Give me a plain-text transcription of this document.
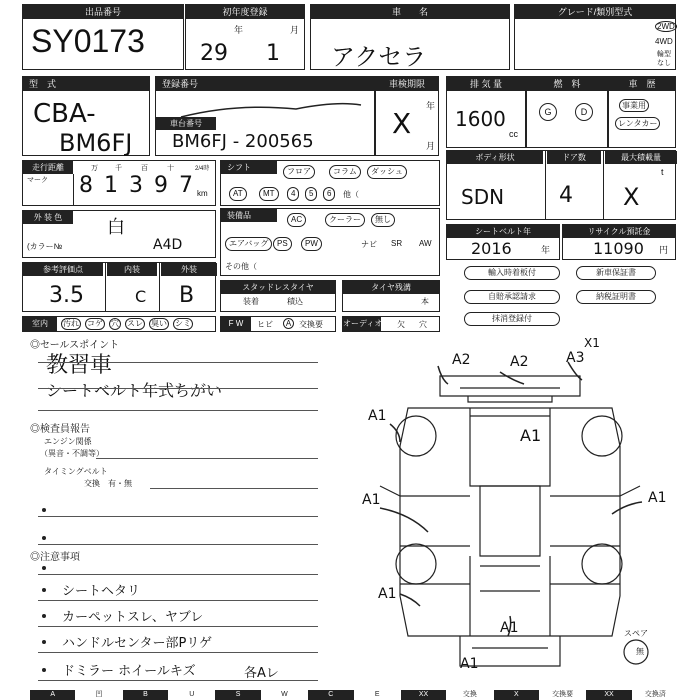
出品番号
SY0173
初年度登録
年	月
29 1
車　　名
アクセラ
グレード/類別型式
2WD
4WD
輪型
なし
型　式
CBA-
BM6FJ
登録番号
車台番号
BM6FJ - 200565
車検期限
年
月
X
排 気 量
1600
cc
燃　料
G	D
車　歴
事業用
レンタカー
走行距離
マーク
万 千	百	十	2/4時
km
8 1 3 9 7
シフト	フロア	コラム	ダッシュ
AT	MT	4	5	6	他（
ボディ形状	ドア数	最大積載量
SDN 4
t
X
外 装 色	白
(カラー№	A4D
装備品	AC	クーラー	無し
エアバッグ	PS	PW	ナビ SR AW
その他（
シートベルト年
2016	年
リサイクル預託金
11090 円
参考評価点	内装	外装
3.5	C B	スタッドレスタイヤ
装着	積込
タイヤ残溝
本
輸入時着板付	新車保証書
自賠承認請求	納税証明書
抹消登録付
室内	汚れ コゲ 穴 スレ 臭い シミ	F W	ヒビ	A 交換要	オーディオ 欠 穴
◎セールスポイント
教習車
シートベルト年式ちがい
◎検査員報告
エンジン関係
（異音・不調等）
タイミングベルト
交換　有・無
◎注意事項
シートヘタリ
カーペットスレ、ヤブレ
ハンドルセンター部Pリゲ
ドミラー ホイールキズ	各Aレ
A2	A2	A3
X1
A1
A1
A1	A1
A1
A1
A1
スペア
無
A	凹	B	U	S	W	C	E	XX	交換	X	交換要	XX	交換済
